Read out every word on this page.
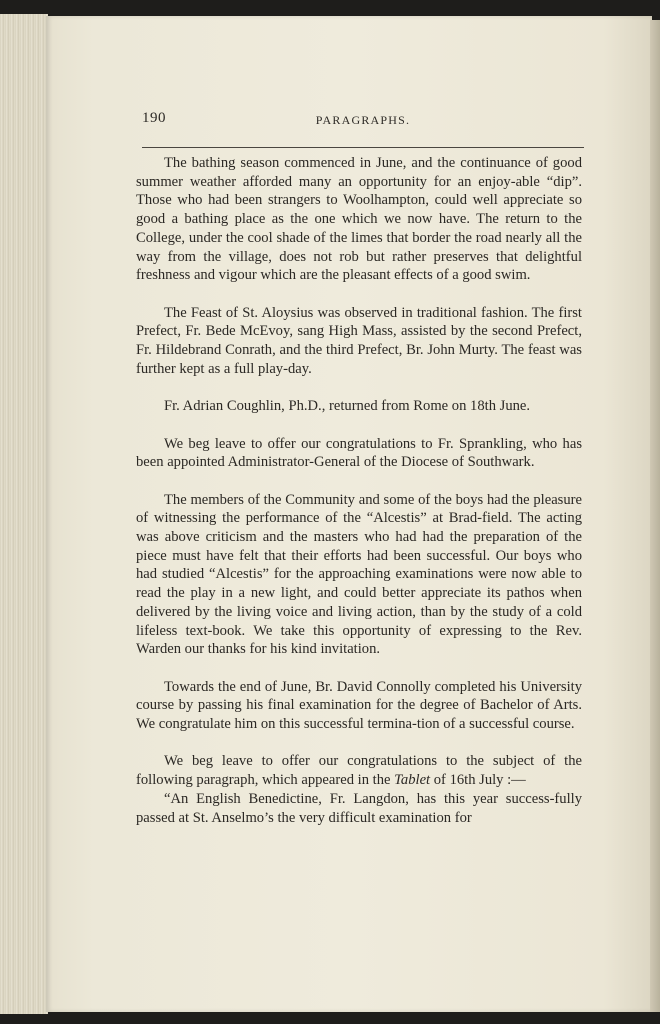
190	PARAGRAPHS.

The bathing season commenced in June, and the continuance of good summer weather afforded many an opportunity for an enjoy-able “dip”. Those who had been strangers to Woolhampton, could well appreciate so good a bathing place as the one which we now have. The return to the College, under the cool shade of the limes that border the road nearly all the way from the village, does not rob but rather preserves that delightful freshness and vigour which are the pleasant effects of a good swim.

The Feast of St. Aloysius was observed in traditional fashion. The first Prefect, Fr. Bede McEvoy, sang High Mass, assisted by the second Prefect, Fr. Hildebrand Conrath, and the third Prefect, Br. John Murty. The feast was further kept as a full play-day.

Fr. Adrian Coughlin, Ph.D., returned from Rome on 18th June.

We beg leave to offer our congratulations to Fr. Sprankling, who has been appointed Administrator-General of the Diocese of Southwark.

The members of the Community and some of the boys had the pleasure of witnessing the performance of the “Alcestis” at Brad-field. The acting was above criticism and the masters who had had the preparation of the piece must have felt that their efforts had been successful. Our boys who had studied “Alcestis” for the approaching examinations were now able to read the play in a new light, and could better appreciate its pathos when delivered by the living voice and living action, than by the study of a cold lifeless text-book. We take this opportunity of expressing to the Rev. Warden our thanks for his kind invitation.

Towards the end of June, Br. David Connolly completed his University course by passing his final examination for the degree of Bachelor of Arts. We congratulate him on this successful termina-tion of a successful course.

We beg leave to offer our congratulations to the subject of the following paragraph, which appeared in the Tablet of 16th July :—

“An English Benedictine, Fr. Langdon, has this year success-fully passed at St. Anselmo’s the very difficult examination for
